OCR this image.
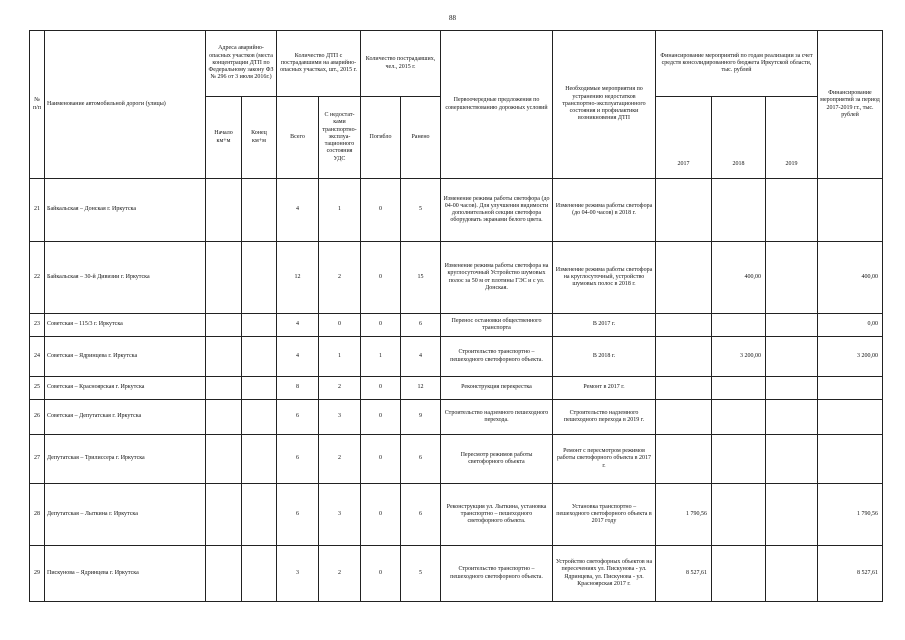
88
№
п/п	Наименование автомобильной дороги (улицы)	Адреса аварийно-опасных участков (места концентрации ДТП по Федеральному закону ФЗ № 296 от 3 июля 2016г.)		Количество ДТП с пострадавшими на аварийно-опасных участках, шт., 2015 г.		Количество пострадавших, чел., 2015 г.		Первоочередные предложения по совершенствованию дорожных условий	Необходимые мероприятия по устранению недостатков транспортно-эксплуатационного состояния и профилактики возникновения ДТП	Финансирование мероприятий по годам реализации за счет средств консолидированного бюджета Иркутской области, тыс. рублей			Финансирование мероприятий за период 2017-2019 гг., тыс. рублей
		Начало км+м	Конец км+м	Всего	С недостат-ками транспортно-эксплуа-тационного состояния УДС	Погибло	Ранено			2017	2018	2019	
21	Байкальская – Донская г. Иркутска			4	1	0	5	Изменение режима работы светофора (до 04-00 часов). Для улучшения видимости дополнительной секции светофора оборудовать экранами белого цвета.	Изменение режима работы светофора (до 04-00 часов) в 2018 г.				
22	Байкальская – 30-й Дивизии г. Иркутска			12	2	0	15	Изменение режима работы светофора на круглосуточный Устройство шумовых полос за 50 м от плотины ГЭС и с ул. Донская.	Изменение режима работы светофора на круглосуточный, устройство шумовых полос в 2018 г.		400,00		400,00
23	Советская – 115/3 г. Иркутска			4	0	0	6	Перенос остановки общественного транспорта	В 2017 г.				0,00
24	Советская – Ядринцева г. Иркутска			4	1	1	4	Строительство транспортно – пешеходного светофорного объекта.	В 2018 г.		3 200,00		3 200,00
25	Советская – Красноярская г. Иркутска			8	2	0	12	Реконструкция перекрестка	Ремонт в 2017 г.				
26	Советская – Депутатская г. Иркутска			6	3	0	9	Строительство надземного пешеходного перехода.	Строительство надземного пешеходного перехода в 2019 г.				
27	Депутатская – Трилиссера г. Иркутска			6	2	0	6	Пересмотр режимов работы светофорного объекта	Ремонт с пересмотром режимов работы светофорного объекта в 2017 г.				
28	Депутатская – Лыткина г. Иркутска			6	3	0	6	Реконструкция ул. Лыткина, установка транспортно – пешеходного светофорного объекта.	Установка транспортно – пешеходного светофорного объекта в 2017 году	1 790,56			1 790,56
29	Пискунова – Ядринцева г. Иркутска			3	2	0	5	Строительство транспортно – пешеходного светофорного объекта.	Устройство светофорных объектов на пересечениях ул. Пискунова - ул. Ядринцева, ул. Пискунова - ул. Красноярская 2017 г.	8 527,61			8 527,61
